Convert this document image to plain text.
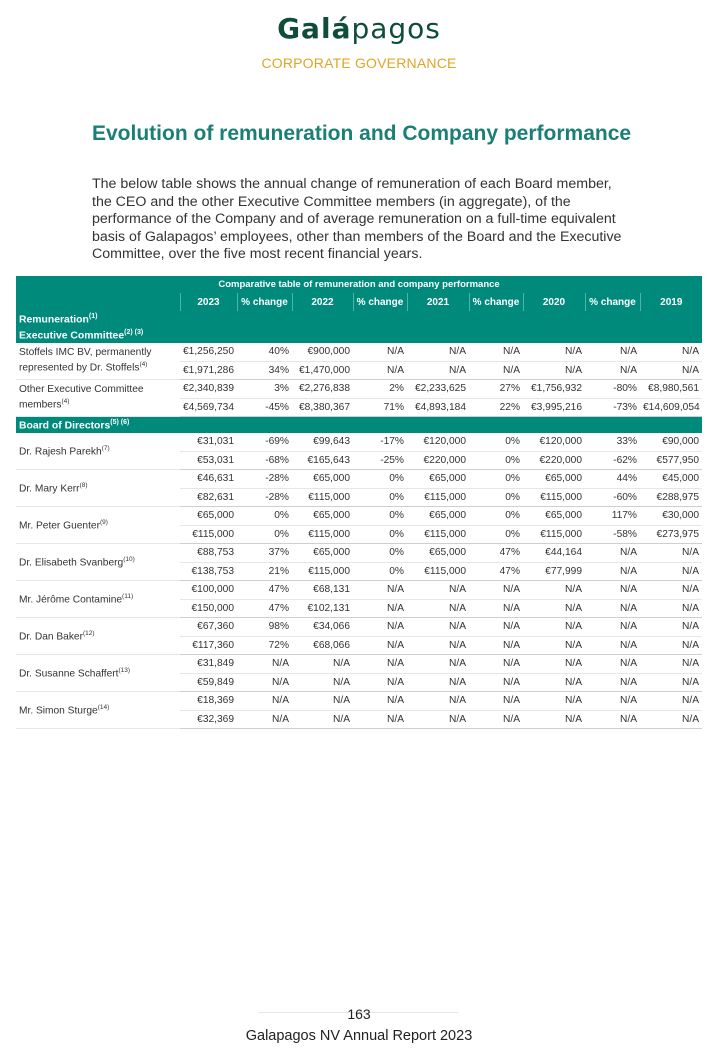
Galápagos
CORPORATE GOVERNANCE
Evolution of remuneration and Company performance

The below table shows the annual change of remuneration of each Board member, the CEO and the other Executive Committee members (in aggregate), of the performance of the Company and of average remuneration on a full-time equivalent basis of Galapagos’ employees, other than members of the Board and the Executive Committee, over the five most recent financial years.

Comparative table of remuneration and company performance									
	2023	% change	2022	% change	2021	% change	2020	% change	2019
Remuneration$^{(1)}$
Executive Committee$^{(2) (3)}$
Stoffels IMC BV, permanently represented by Dr. Stoffels$^{(4)}$	€1,256,250	40%	€900,000	N/A	N/A	N/A	N/A	N/A	N/A
	€1,971,286	34%	€1,470,000	N/A	N/A	N/A	N/A	N/A	N/A
Other Executive Committee members$^{(4)}$	€2,340,839	3%	€2,276,838	2%	€2,233,625	27%	€1,756,932	-80%	€8,980,561
	€4,569,734	-45%	€8,380,367	71%	€4,893,184	22%	€3,995,216	-73%	€14,609,054
Board of Directors$^{(5) (6)}$
Dr. Rajesh Parekh$^{(7)}$	€31,031	-69%	€99,643	-17%	€120,000	0%	€120,000	33%	€90,000
	€53,031	-68%	€165,643	-25%	€220,000	0%	€220,000	-62%	€577,950
Dr. Mary Kerr$^{(8)}$	€46,631	-28%	€65,000	0%	€65,000	0%	€65,000	44%	€45,000
	€82,631	-28%	€115,000	0%	€115,000	0%	€115,000	-60%	€288,975
Mr. Peter Guenter$^{(9)}$	€65,000	0%	€65,000	0%	€65,000	0%	€65,000	117%	€30,000
	€115,000	0%	€115,000	0%	€115,000	0%	€115,000	-58%	€273,975
Dr. Elisabeth Svanberg$^{(10)}$	€88,753	37%	€65,000	0%	€65,000	47%	€44,164	N/A	N/A
	€138,753	21%	€115,000	0%	€115,000	47%	€77,999	N/A	N/A
Mr. Jérôme Contamine$^{(11)}$	€100,000	47%	€68,131	N/A	N/A	N/A	N/A	N/A	N/A
	€150,000	47%	€102,131	N/A	N/A	N/A	N/A	N/A	N/A
Dr. Dan Baker$^{(12)}$	€67,360	98%	€34,066	N/A	N/A	N/A	N/A	N/A	N/A
	€117,360	72%	€68,066	N/A	N/A	N/A	N/A	N/A	N/A
Dr. Susanne Schaffert$^{(13)}$	€31,849	N/A	N/A	N/A	N/A	N/A	N/A	N/A	N/A
	€59,849	N/A	N/A	N/A	N/A	N/A	N/A	N/A	N/A
Mr. Simon Sturge$^{(14)}$	€18,369	N/A	N/A	N/A	N/A	N/A	N/A	N/A	N/A
	€32,369	N/A	N/A	N/A	N/A	N/A	N/A	N/A	N/A
163
Galapagos NV Annual Report 2023
